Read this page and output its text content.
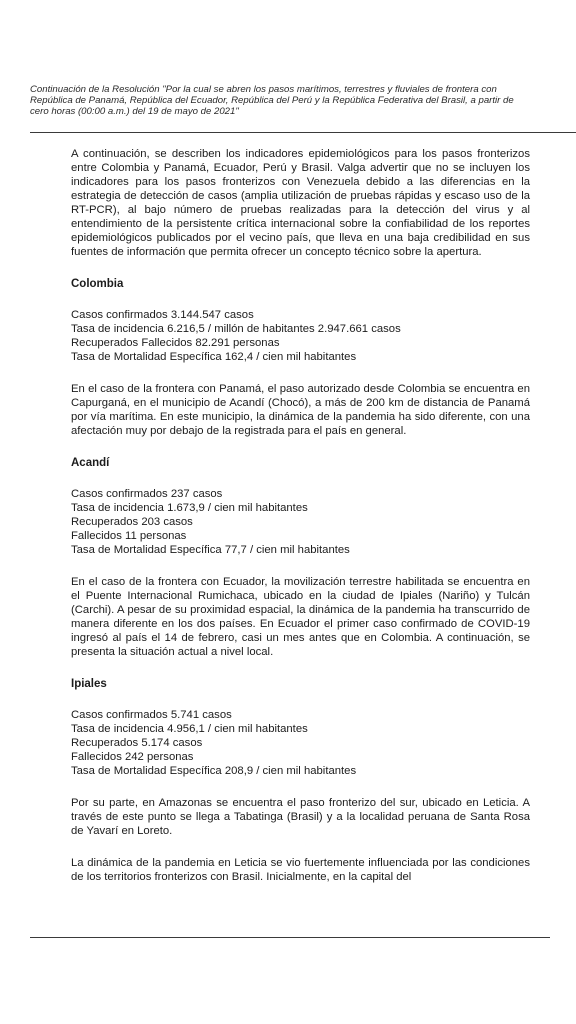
Continuación de la Resolución "Por la cual se abren los pasos marítimos, terrestres y fluviales de frontera con
República de Panamá, República del Ecuador, República del Perú y la República Federativa del Brasil, a partir de
cero horas (00:00 a.m.) del 19 de mayo de 2021"

A continuación, se describen los indicadores epidemiológicos para los pasos fronterizos entre Colombia y Panamá, Ecuador, Perú y Brasil. Valga advertir que no se incluyen los indicadores para los pasos fronterizos con Venezuela debido a las diferencias en la estrategia de detección de casos (amplia utilización de pruebas rápidas y escaso uso de la RT-PCR), al bajo número de pruebas realizadas para la detección del virus y al entendimiento de la persistente crítica internacional sobre la confiabilidad de los reportes epidemiológicos publicados por el vecino país, que lleva en una baja credibilidad en sus fuentes de información que permita ofrecer un concepto técnico sobre la apertura.

Colombia
Casos confirmados 3.144.547 casos
Tasa de incidencia 6.216,5 / millón de habitantes 2.947.661 casos
Recuperados Fallecidos 82.291 personas
Tasa de Mortalidad Específica 162,4 / cien mil habitantes

En el caso de la frontera con Panamá, el paso autorizado desde Colombia se encuentra en Capurganá, en el municipio de Acandí (Chocó), a más de 200 km de distancia de Panamá por vía marítima. En este municipio, la dinámica de la pandemia ha sido diferente, con una afectación muy por debajo de la registrada para el país en general.

Acandí
Casos confirmados 237 casos
Tasa de incidencia 1.673,9 / cien mil habitantes
Recuperados 203 casos
Fallecidos 11 personas
Tasa de Mortalidad Específica 77,7 / cien mil habitantes

En el caso de la frontera con Ecuador, la movilización terrestre habilitada se encuentra en el Puente Internacional Rumichaca, ubicado en la ciudad de Ipiales (Nariño) y Tulcán (Carchi). A pesar de su proximidad espacial, la dinámica de la pandemia ha transcurrido de manera diferente en los dos países. En Ecuador el primer caso confirmado de COVID-19 ingresó al país el 14 de febrero, casi un mes antes que en Colombia. A continuación, se presenta la situación actual a nivel local.

Ipiales
Casos confirmados 5.741 casos
Tasa de incidencia 4.956,1 / cien mil habitantes
Recuperados 5.174 casos
Fallecidos 242 personas
Tasa de Mortalidad Específica 208,9 / cien mil habitantes

Por su parte, en Amazonas se encuentra el paso fronterizo del sur, ubicado en Leticia. A través de este punto se llega a Tabatinga (Brasil) y a la localidad peruana de Santa Rosa de Yavarí en Loreto.

La dinámica de la pandemia en Leticia se vio fuertemente influenciada por las condiciones de los territorios fronterizos con Brasil. Inicialmente, en la capital del
